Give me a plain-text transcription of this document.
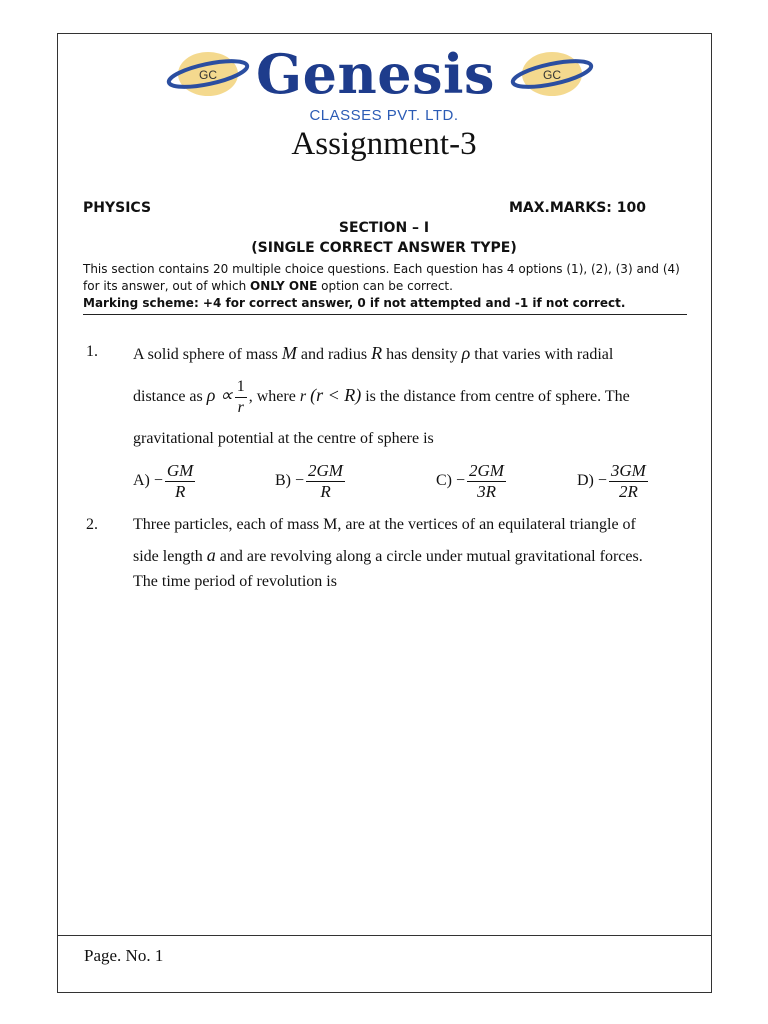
GC	GC
Genesis
CLASSES PVT. LTD.
Assignment-3
PHYSICS	MAX.MARKS: 100
SECTION – I
(SINGLE CORRECT ANSWER TYPE)
This section contains 20 multiple choice questions. Each question has 4 options (1), (2), (3) and (4) for its answer, out of which ONLY ONE option can be correct.
Marking scheme: +4 for correct answer, 0 if not attempted and -1 if not correct.
1. A solid sphere of mass M and radius R has density ρ that varies with radial
distance as $\rho \propto \frac{1}{r}$ , where r (r < R) is the distance from centre of sphere. The
gravitational potential at the centre of sphere is
$A) - \frac{GM}{R}$	$B) - \frac{2GM}{R}$	$C) - \frac{2GM}{3R}$	$D) - \frac{3GM}{2R}$
2. Three particles, each of mass M, are at the vertices of an equilateral triangle of
side length a and are revolving along a circle under mutual gravitational forces.
The time period of revolution is
Page. No. 1
